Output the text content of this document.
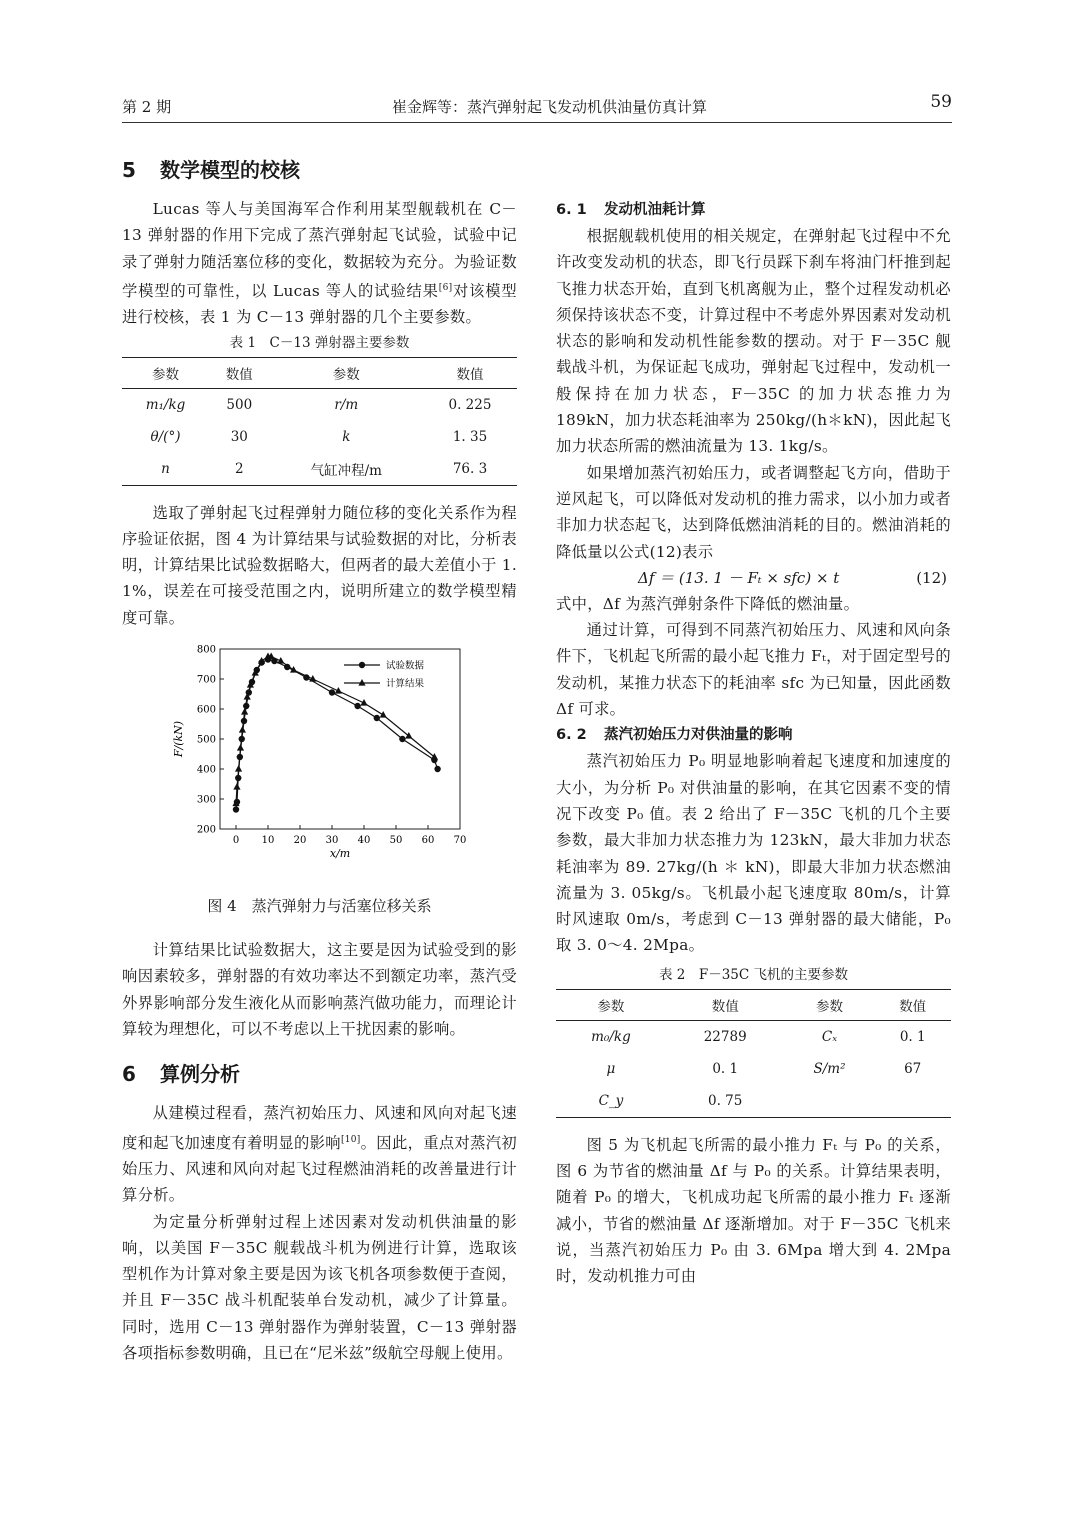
第 2 期	崔金辉等：蒸汽弹射起飞发动机供油量仿真计算	59
5 数学模型的校核

Lucas 等人与美国海军合作利用某型舰载机在 C－13 弹射器的作用下完成了蒸汽弹射起飞试验，试验中记录了弹射力随活塞位移的变化，数据较为充分。为验证数学模型的可靠性，以 Lucas 等人的试验结果[6]对该模型进行校核，表 1 为 C－13 弹射器的几个主要参数。

表 1　C－13 弹射器主要参数
参数	数值	参数	数值
m₁/kg	500	r/m	0. 225
θ/(°)	30	k	1. 35
n	2	气缸冲程/m	76. 3

选取了弹射起飞过程弹射力随位移的变化关系作为程序验证依据，图 4 为计算结果与试验数据的对比，分析表明，计算结果比试验数据略大，但两者的最大差值小于 1. 1%，误差在可接受范围之内，说明所建立的数学模型精度可靠。

0 10 20 30 40 50 60 70
200
300
400
500
600
700
800
x/m
F/(kN)
试验数据
计算结果
图 4　蒸汽弹射力与活塞位移关系

计算结果比试验数据大，这主要是因为试验受到的影响因素较多，弹射器的有效功率达不到额定功率，蒸汽受外界影响部分发生液化从而影响蒸汽做功能力，而理论计算较为理想化，可以不考虑以上干扰因素的影响。

6 算例分析

从建模过程看，蒸汽初始压力、风速和风向对起飞速度和起飞加速度有着明显的影响[10]。因此，重点对蒸汽初始压力、风速和风向对起飞过程燃油消耗的改善量进行计算分析。

为定量分析弹射过程上述因素对发动机供油量的影响，以美国 F－35C 舰载战斗机为例进行计算，选取该型机作为计算对象主要是因为该飞机各项参数便于查阅，并且 F－35C 战斗机配装单台发动机，减少了计算量。同时，选用 C－13 弹射器作为弹射装置，C－13 弹射器各项指标参数明确，且已在“尼米兹”级航空母舰上使用。

6. 1 发动机油耗计算

根据舰载机使用的相关规定，在弹射起飞过程中不允许改变发动机的状态，即飞行员踩下刹车将油门杆推到起飞推力状态开始，直到飞机离舰为止，整个过程发动机必须保持该状态不变，计算过程中不考虑外界因素对发动机状态的影响和发动机性能参数的摆动。对于 F－35C 舰载战斗机，为保证起飞成功，弹射起飞过程中，发动机一般保持在加力状态，F－35C 的加力状态推力为 189kN，加力状态耗油率为 250kg/(h＊kN)，因此起飞加力状态所需的燃油流量为 13. 1kg/s。

如果增加蒸汽初始压力，或者调整起飞方向，借助于逆风起飞，可以降低对发动机的推力需求，以小加力或者非加力状态起飞，达到降低燃油消耗的目的。燃油消耗的降低量以公式(12)表示

Δf ＝ (13. 1 － Fₜ × sfc) × t	(12)

式中，Δf 为蒸汽弹射条件下降低的燃油量。

通过计算，可得到不同蒸汽初始压力、风速和风向条件下，飞机起飞所需的最小起飞推力 Fₜ，对于固定型号的发动机，某推力状态下的耗油率 sfc 为已知量，因此函数 Δf 可求。

6. 2 蒸汽初始压力对供油量的影响

蒸汽初始压力 P₀ 明显地影响着起飞速度和加速度的大小，为分析 P₀ 对供油量的影响，在其它因素不变的情况下改变 P₀ 值。表 2 给出了 F－35C 飞机的几个主要参数，最大非加力状态推力为 123kN，最大非加力状态耗油率为 89. 27kg/(h ＊ kN)，即最大非加力状态燃油流量为 3. 05kg/s。飞机最小起飞速度取 80m/s，计算时风速取 0m/s，考虑到 C－13 弹射器的最大储能，P₀ 取 3. 0～4. 2Mpa。

表 2　F－35C 飞机的主要参数
参数	数值	参数	数值
m₀/kg	22789	Cₓ	0. 1
μ	0. 1	S/m²	67
C_y	0. 75		

图 5 为飞机起飞所需的最小推力 Fₜ 与 P₀ 的关系，图 6 为节省的燃油量 Δf 与 P₀ 的关系。计算结果表明，随着 P₀ 的增大，飞机成功起飞所需的最小推力 Fₜ 逐渐减小，节省的燃油量 Δf 逐渐增加。对于 F－35C 飞机来说，当蒸汽初始压力 P₀ 由 3. 6Mpa 增大到 4. 2Mpa 时，发动机推力可由
